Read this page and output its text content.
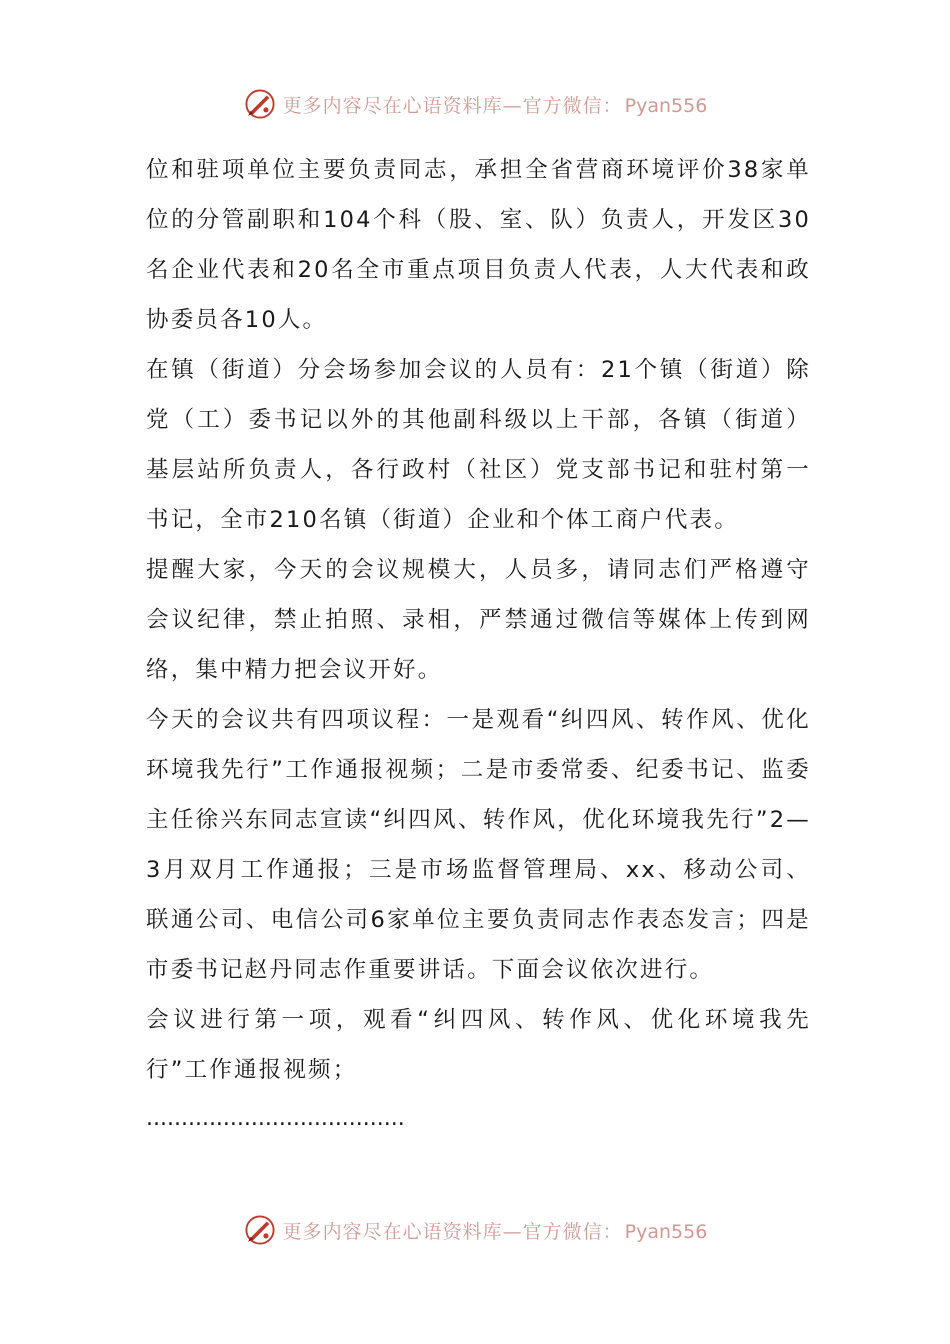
更多内容尽在心语资料库—官方微信： Pyan556

位和驻项单位主要负责同志，承担全省营商环境评价38家单位的分管副职和104个科（股、室、队）负责人，开发区30名企业代表和20名全市重点项目负责人代表，人大代表和政协委员各10人。

在镇（街道）分会场参加会议的人员有：21个镇（街道）除党（工）委书记以外的其他副科级以上干部，各镇（街道）基层站所负责人，各行政村（社区）党支部书记和驻村第一书记，全市210名镇（街道）企业和个体工商户代表。

提醒大家，今天的会议规模大，人员多，请同志们严格遵守会议纪律，禁止拍照、录相，严禁通过微信等媒体上传到网络，集中精力把会议开好。

今天的会议共有四项议程：一是观看“纠四风、转作风、优化环境我先行”工作通报视频；二是市委常委、纪委书记、监委主任徐兴东同志宣读“纠四风、转作风，优化环境我先行”2—3月双月工作通报；三是市场监督管理局、xx、移动公司、联通公司、电信公司6家单位主要负责同志作表态发言；四是市委书记赵丹同志作重要讲话。下面会议依次进行。

会议进行第一项，观看“纠四风、转作风、优化环境我先行”工作通报视频；

.....................................

更多内容尽在心语资料库—官方微信： Pyan556
